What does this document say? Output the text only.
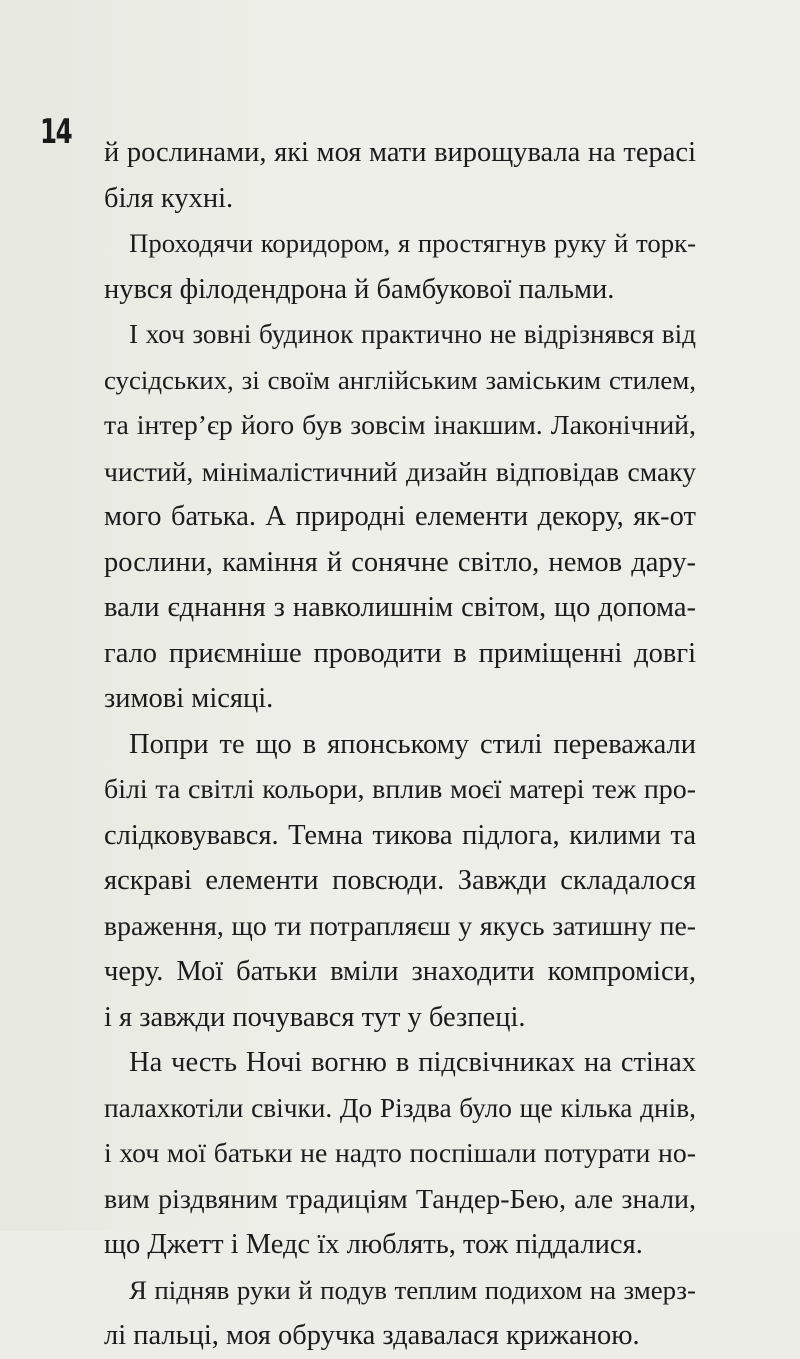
14

й рослинами, які моя мати вирощувала на терасі
біля кухні.

Проходячи коридором, я простягнув руку й торк-
нувся філодендрона й бамбукової пальми.

І хоч зовні будинок практично не відрізнявся від
сусідських, зі своїм англійським заміським стилем,
та інтер’єр його був зовсім інакшим. Лаконічний,
чистий, мінімалістичний дизайн відповідав смаку
мого батька. А природні елементи декору, як-от
рослини, каміння й сонячне світло, немов дару-
вали єднання з навколишнім світом, що допома-
гало приємніше проводити в приміщенні довгі
зимові місяці.

Попри те що в японському стилі переважали
білі та світлі кольори, вплив моєї матері теж про-
слідковувався. Темна тикова підлога, килими та
яскраві елементи повсюди. Завжди складалося
враження, що ти потрапляєш у якусь затишну пе-
черу. Мої батьки вміли знаходити компроміси,
і я завжди почувався тут у безпеці.

На честь Ночі вогню в підсвічниках на стінах
палахкотіли свічки. До Різдва було ще кілька днів,
і хоч мої батьки не надто поспішали потурати но-
вим різдвяним традиціям Тандер-Бею, але знали,
що Джетт і Медс їх люблять, тож піддалися.

Я підняв руки й подув теплим подихом на змерз-
лі пальці, моя обручка здавалася крижаною.
